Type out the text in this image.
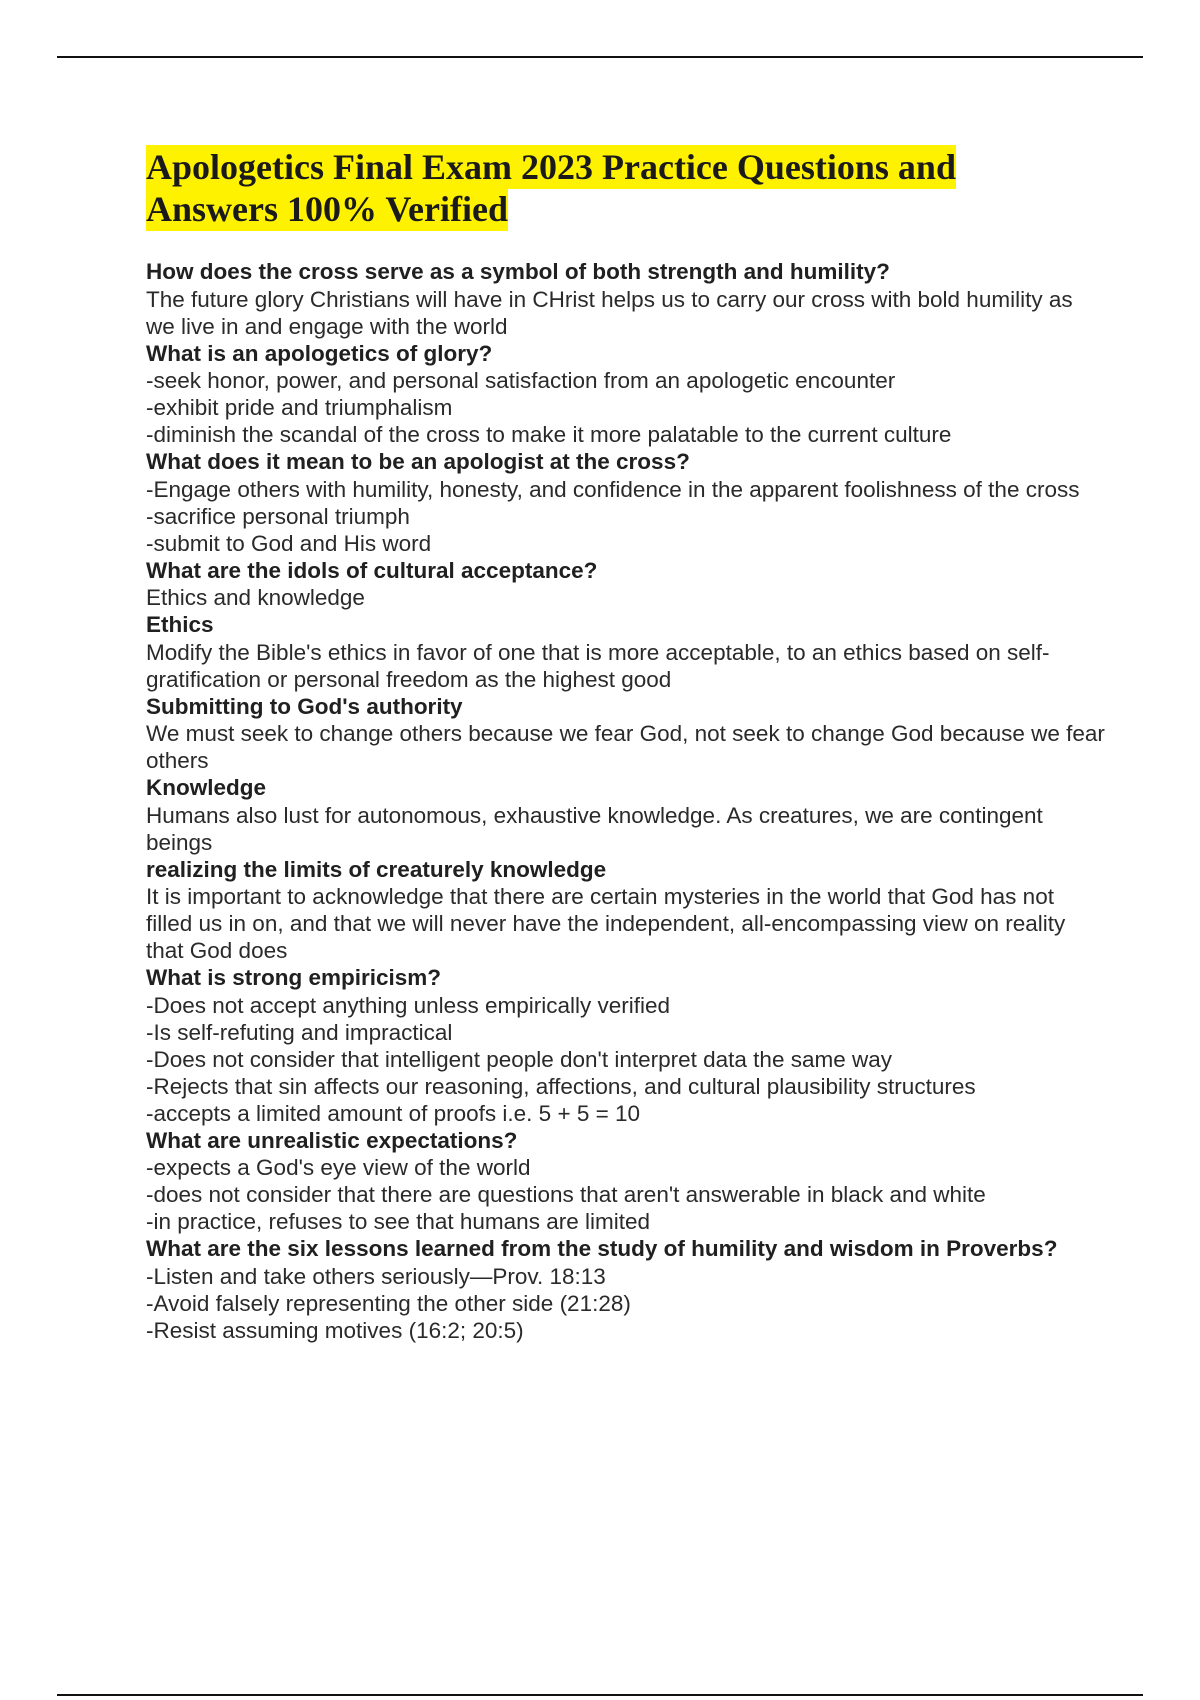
Apologetics Final Exam 2023 Practice Questions and Answers 100% Verified

How does the cross serve as a symbol of both strength and humility?

The future glory Christians will have in CHrist helps us to carry our cross with bold humility as we live in and engage with the world

What is an apologetics of glory?

-seek honor, power, and personal satisfaction from an apologetic encounter

-exhibit pride and triumphalism

-diminish the scandal of the cross to make it more palatable to the current culture

What does it mean to be an apologist at the cross?

-Engage others with humility, honesty, and confidence in the apparent foolishness of the cross

-sacrifice personal triumph

-submit to God and His word

What are the idols of cultural acceptance?

Ethics and knowledge

Ethics

Modify the Bible's ethics in favor of one that is more acceptable, to an ethics based on self-gratification or personal freedom as the highest good

Submitting to God's authority

We must seek to change others because we fear God, not seek to change God because we fear others

Knowledge

Humans also lust for autonomous, exhaustive knowledge. As creatures, we are contingent beings

realizing the limits of creaturely knowledge

It is important to acknowledge that there are certain mysteries in the world that God has not filled us in on, and that we will never have the independent, all-encompassing view on reality that God does

What is strong empiricism?

-Does not accept anything unless empirically verified

-Is self-refuting and impractical

-Does not consider that intelligent people don't interpret data the same way

-Rejects that sin affects our reasoning, affections, and cultural plausibility structures

-accepts a limited amount of proofs i.e. 5 + 5 = 10

What are unrealistic expectations?

-expects a God's eye view of the world

-does not consider that there are questions that aren't answerable in black and white

-in practice, refuses to see that humans are limited

What are the six lessons learned from the study of humility and wisdom in Proverbs?

-Listen and take others seriously—Prov. 18:13

-Avoid falsely representing the other side (21:28)

-Resist assuming motives (16:2; 20:5)
